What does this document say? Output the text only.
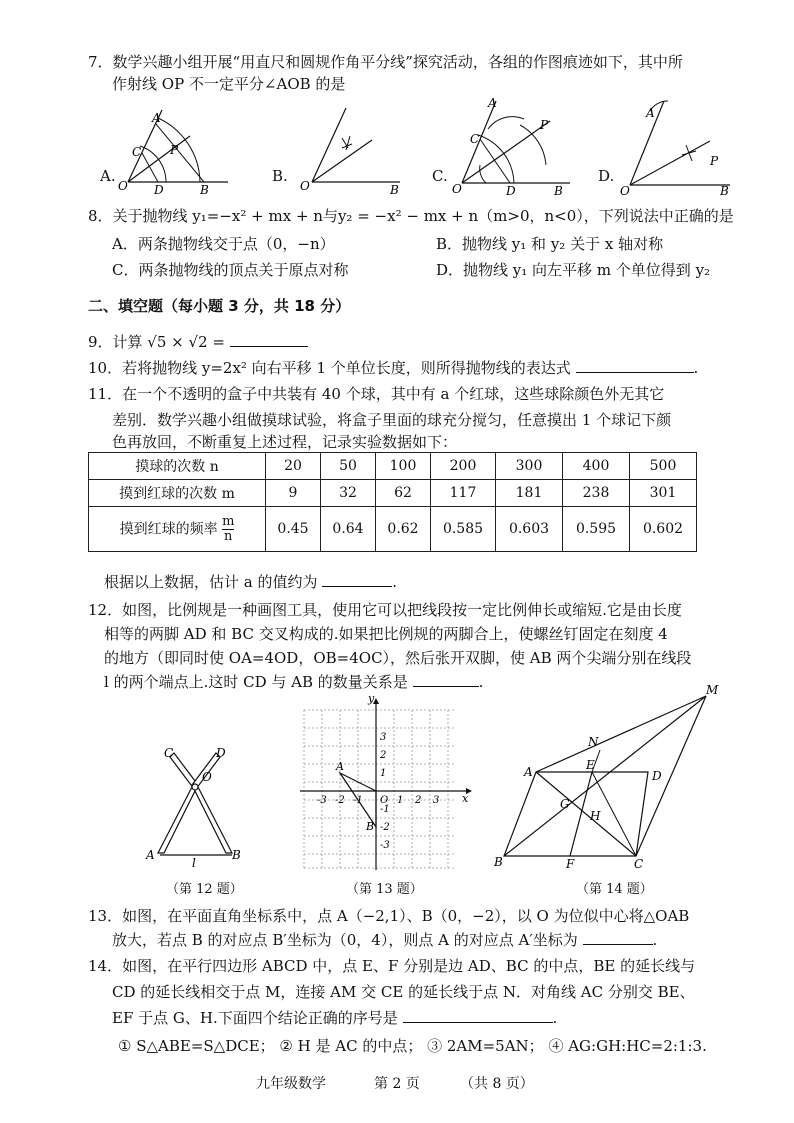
7．数学兴趣小组开展“用直尺和圆规作角平分线”探究活动，各组的作图痕迹如下，其中所
作射线 OP 不一定平分∠AOB 的是
A
C P
O D	B
A.
O	B
B.
A
C
P
O	D	B
C.
A
P
O	B
D.
8．关于抛物线 y₁=−x² + mx + n与y₂ = −x² − mx + n（m>0，n<0），下列说法中正确的是
A．两条抛物线交于点（0，−n）	B．抛物线 y₁ 和 y₂ 关于 x 轴对称
C．两条抛物线的顶点关于原点对称	D．抛物线 y₁ 向左平移 m 个单位得到 y₂
二、填空题（每小题 3 分，共 18 分）
9．计算 √5 × √2 =
10．若将抛物线 y=2x² 向右平移 1 个单位长度，则所得抛物线的表达式	.
11．在一个不透明的盒子中共装有 40 个球，其中有 a 个红球，这些球除颜色外无其它
差别．数学兴趣小组做摸球试验，将盒子里面的球充分搅匀，任意摸出 1 个球记下颜
色再放回，不断重复上述过程，记录实验数据如下：
摸球的次数 n	20	50	100	200	300	400	500
摸到红球的次数 m	9	32	62	117	181	238	301
摸到红球的频率 $\frac{m}{n}$	0.45	0.64	0.62	0.585	0.603	0.595	0.602
根据以上数据，估计 a 的值约为	.
12．如图，比例规是一种画图工具，使用它可以把线段按一定比例伸长或缩短.它是由长度
相等的两脚 AD 和 BC 交叉构成的.如果把比例规的两脚合上，使螺丝钉固定在刻度 4
的地方（即同时使 OA=4OD，OB=4OC），然后张开双脚，使 AB 两个尖端分别在线段
l 的两个端点上.这时 CD 与 AB 的数量关系是	.
C	D
O
A	B
l
（第 12 题）
A
B
x
y
-3 -2 -1 O 1 2 3
3
2
1
-1
-2
-3
（第 13 题）
M
N
A	E
D
G
H
B	F	C
（第 14 题）
13．如图，在平面直角坐标系中，点 A（−2,1）、B（0，−2），以 O 为位似中心将△OAB
放大，若点 B 的对应点 B′坐标为（0，4），则点 A 的对应点 A′坐标为	.
14．如图，在平行四边形 ABCD 中，点 E、F 分别是边 AD、BC 的中点，BE 的延长线与
CD 的延长线相交于点 M，连接 AM 交 CE 的延长线于点 N．对角线 AC 分别交 BE、
EF 于点 G、H.下面四个结论正确的序号是	.
① S△ABE=S△DCE； ② H 是 AC 的中点； ③ 2AM=5AN； ④ AG:GH:HC=2:1:3.
九年级数学	第 2 页	（共 8 页）
